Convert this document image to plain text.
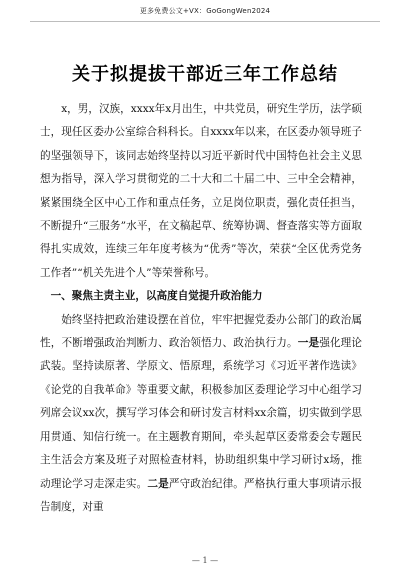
更多免费公文+VX：GoGongWen2024
关于拟提拔干部近三年工作总结

x，男，汉族，xxxx年x月出生，中共党员，研究生学历，法学硕士，现任区委办公室综合科科长。自xxxx年以来，在区委办领导班子的坚强领导下，该同志始终坚持以习近平新时代中国特色社会主义思想为指导，深入学习贯彻党的二十大和二十届二中、三中全会精神，紧紧围绕全区中心工作和重点任务，立足岗位职责，强化责任担当，不断提升“三服务”水平，在文稿起草、统筹协调、督查落实等方面取得扎实成效，连续三年年度考核为“优秀”等次，荣获“全区优秀党务工作者”“机关先进个人”等荣誉称号。

一、聚焦主责主业，以高度自觉提升政治能力

始终坚持把政治建设摆在首位，牢牢把握党委办公部门的政治属性，不断增强政治判断力、政治领悟力、政治执行力。一是强化理论武装。坚持读原著、学原文、悟原理，系统学习《习近平著作选读》《论党的自我革命》等重要文献，积极参加区委理论学习中心组学习列席会议xx次，撰写学习体会和研讨发言材料xx余篇，切实做到学思用贯通、知信行统一。在主题教育期间，牵头起草区委常委会专题民主生活会方案及班子对照检查材料，协助组织集中学习研讨x场，推动理论学习走深走实。二是严守政治纪律。严格执行重大事项请示报告制度，对重

— 1 —
